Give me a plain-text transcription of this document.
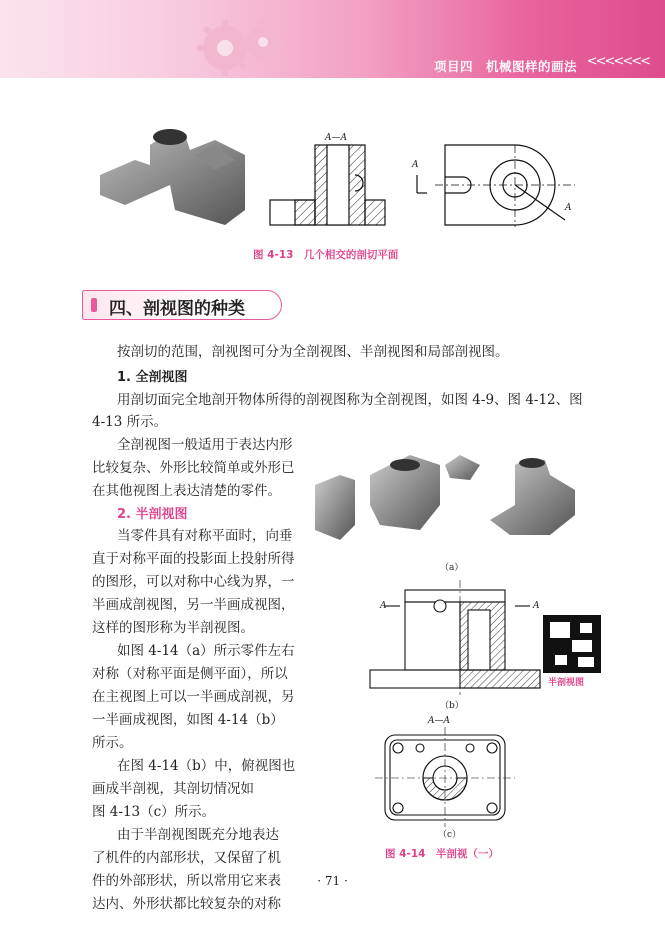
项目四　机械图样的画法 <<<<<<<
A—A
A
A
图 4-13　几个相交的剖切平面
四、剖视图的种类
按剖切的范围，剖视图可分为全剖视图、半剖视图和局部剖视图。
1. 全剖视图
用剖切面完全地剖开物体所得的剖视图称为全剖视图，如图 4-9、图 4-12、图
4-13 所示。
全剖视图一般适用于表达内形
比较复杂、外形比较简单或外形已
在其他视图上表达清楚的零件。
2. 半剖视图
当零件具有对称平面时，向垂
直于对称平面的投影面上投射所得
的图形，可以对称中心线为界，一
半画成剖视图，另一半画成视图，
这样的图形称为半剖视图。
如图 4-14（a）所示零件左右
对称（对称平面是侧平面），所以
在主视图上可以一半画成剖视，另
一半画成视图，如图 4-14（b）
所示。
在图 4-14（b）中，俯视图也
画成半剖视，其剖切情况如
图 4-13（c）所示。
由于半剖视图既充分地表达
了机件的内部形状，又保留了机
件的外部形状，所以常用它来表
达内、外形状都比较复杂的对称
（a）
A	A
（b）
半剖视图
A—A
（c）
图 4-14　半剖视（一）
· 71 ·
